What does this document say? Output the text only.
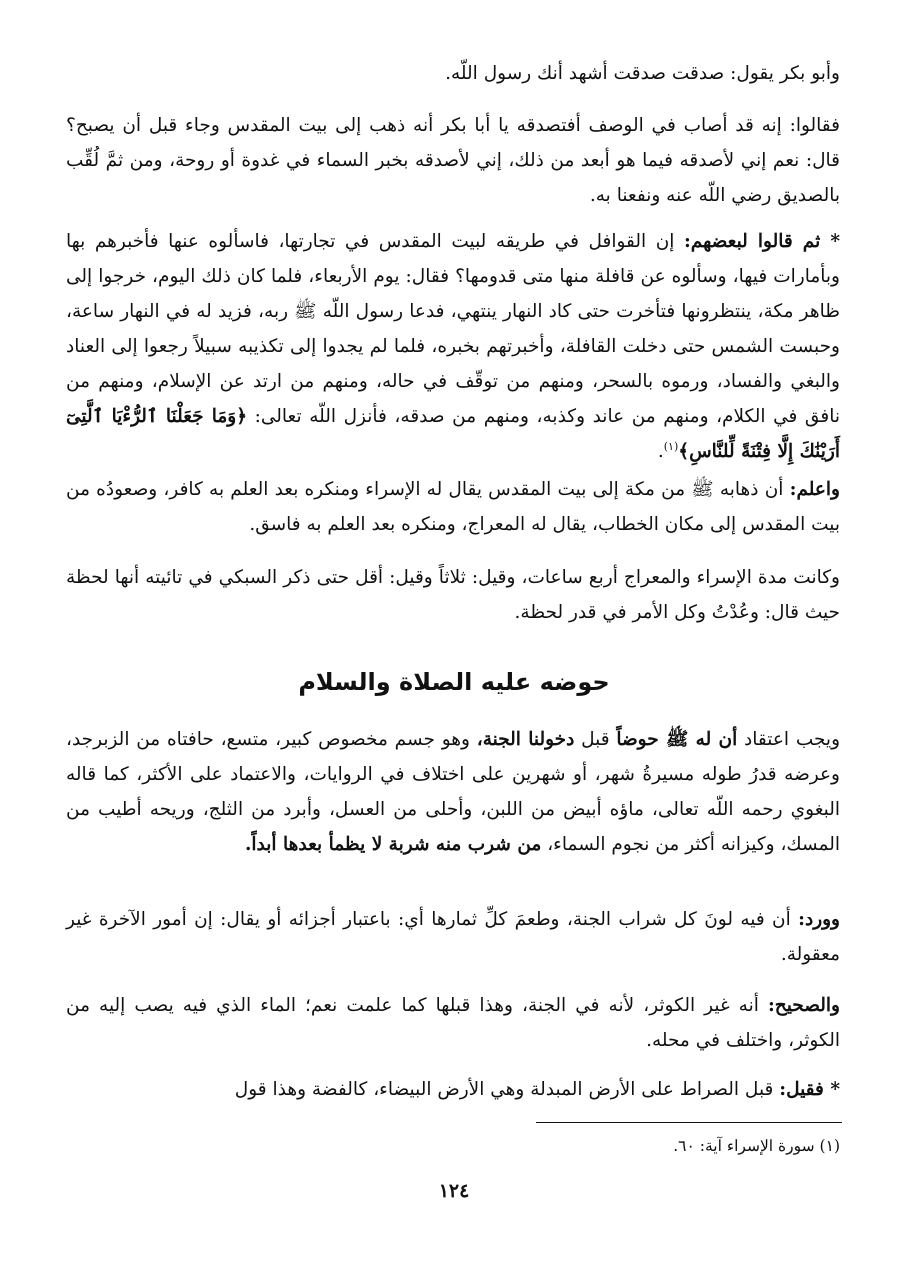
وأبو بكر يقول: صدقت صدقت أشهد أنك رسول اللّه.

فقالوا: إنه قد أصاب في الوصف أفتصدقه يا أبا بكر أنه ذهب إلى بيت المقدس وجاء قبل أن يصبح؟ قال: نعم إني لأصدقه فيما هو أبعد من ذلك، إني لأصدقه بخبر السماء في غدوة أو روحة، ومن ثمَّ لُقِّب بالصديق رضي اللّه عنه ونفعنا به.

* ثم قالوا لبعضهم: إن القوافل في طريقه لبيت المقدس في تجارتها، فاسألوه عنها فأخبرهم بها وبأمارات فيها، وسألوه عن قافلة منها متى قدومها؟ فقال: يوم الأربعاء، فلما كان ذلك اليوم، خرجوا إلى ظاهر مكة، ينتظرونها فتأخرت حتى كاد النهار ينتهي، فدعا رسول اللّه ﷺ ربه، فزيد له في النهار ساعة، وحبست الشمس حتى دخلت القافلة، وأخبرتهم بخبره، فلما لم يجدوا إلى تكذيبه سبيلاً رجعوا إلى العناد والبغي والفساد، ورموه بالسحر، ومنهم من توقّف في حاله، ومنهم من ارتد عن الإسلام، ومنهم من نافق في الكلام، ومنهم من عاند وكذبه، ومنهم من صدقه، فأنزل اللّه تعالى: ﴿وَمَا جَعَلْنَا ٱلرُّءْيَا ٱلَّتِىٓ أَرَيْنَٰكَ إِلَّا فِتْنَةً لِّلنَّاسِ﴾$^{(١)}$.

واعلم: أن ذهابه ﷺ من مكة إلى بيت المقدس يقال له الإسراء ومنكره بعد العلم به كافر، وصعودُه من بيت المقدس إلى مكان الخطاب، يقال له المعراج، ومنكره بعد العلم به فاسق.

وكانت مدة الإسراء والمعراج أربع ساعات، وقيل: ثلاثاً وقيل: أقل حتى ذكر السبكي في تائيته أنها لحظة حيث قال: وعُدْتُ وكل الأمر في قدر لحظة.

حوضه عليه الصلاة والسلام

ويجب اعتقاد أن له ﷺ حوضاً قبل دخولنا الجنة، وهو جسم مخصوص كبير، متسع، حافتاه من الزبرجد، وعرضه قدرُ طوله مسيرةُ شهر، أو شهرين على اختلاف في الروايات، والاعتماد على الأكثر، كما قاله البغوي رحمه اللّه تعالى، ماؤه أبيض من اللبن، وأحلى من العسل، وأبرد من الثلج، وريحه أطيب من المسك، وكيزانه أكثر من نجوم السماء، من شرب منه شربة لا يظمأ بعدها أبداً.

وورد: أن فيه لونَ كل شراب الجنة، وطعمَ كلِّ ثمارها أي: باعتبار أجزائه أو يقال: إن أمور الآخرة غير معقولة.

والصحيح: أنه غير الكوثر، لأنه في الجنة، وهذا قبلها كما علمت نعم؛ الماء الذي فيه يصب إليه من الكوثر، واختلف في محله.

* فقيل: قبل الصراط على الأرض المبدلة وهي الأرض البيضاء، كالفضة وهذا قول

(١) سورة الإسراء آية: ٦٠.
١٢٤
